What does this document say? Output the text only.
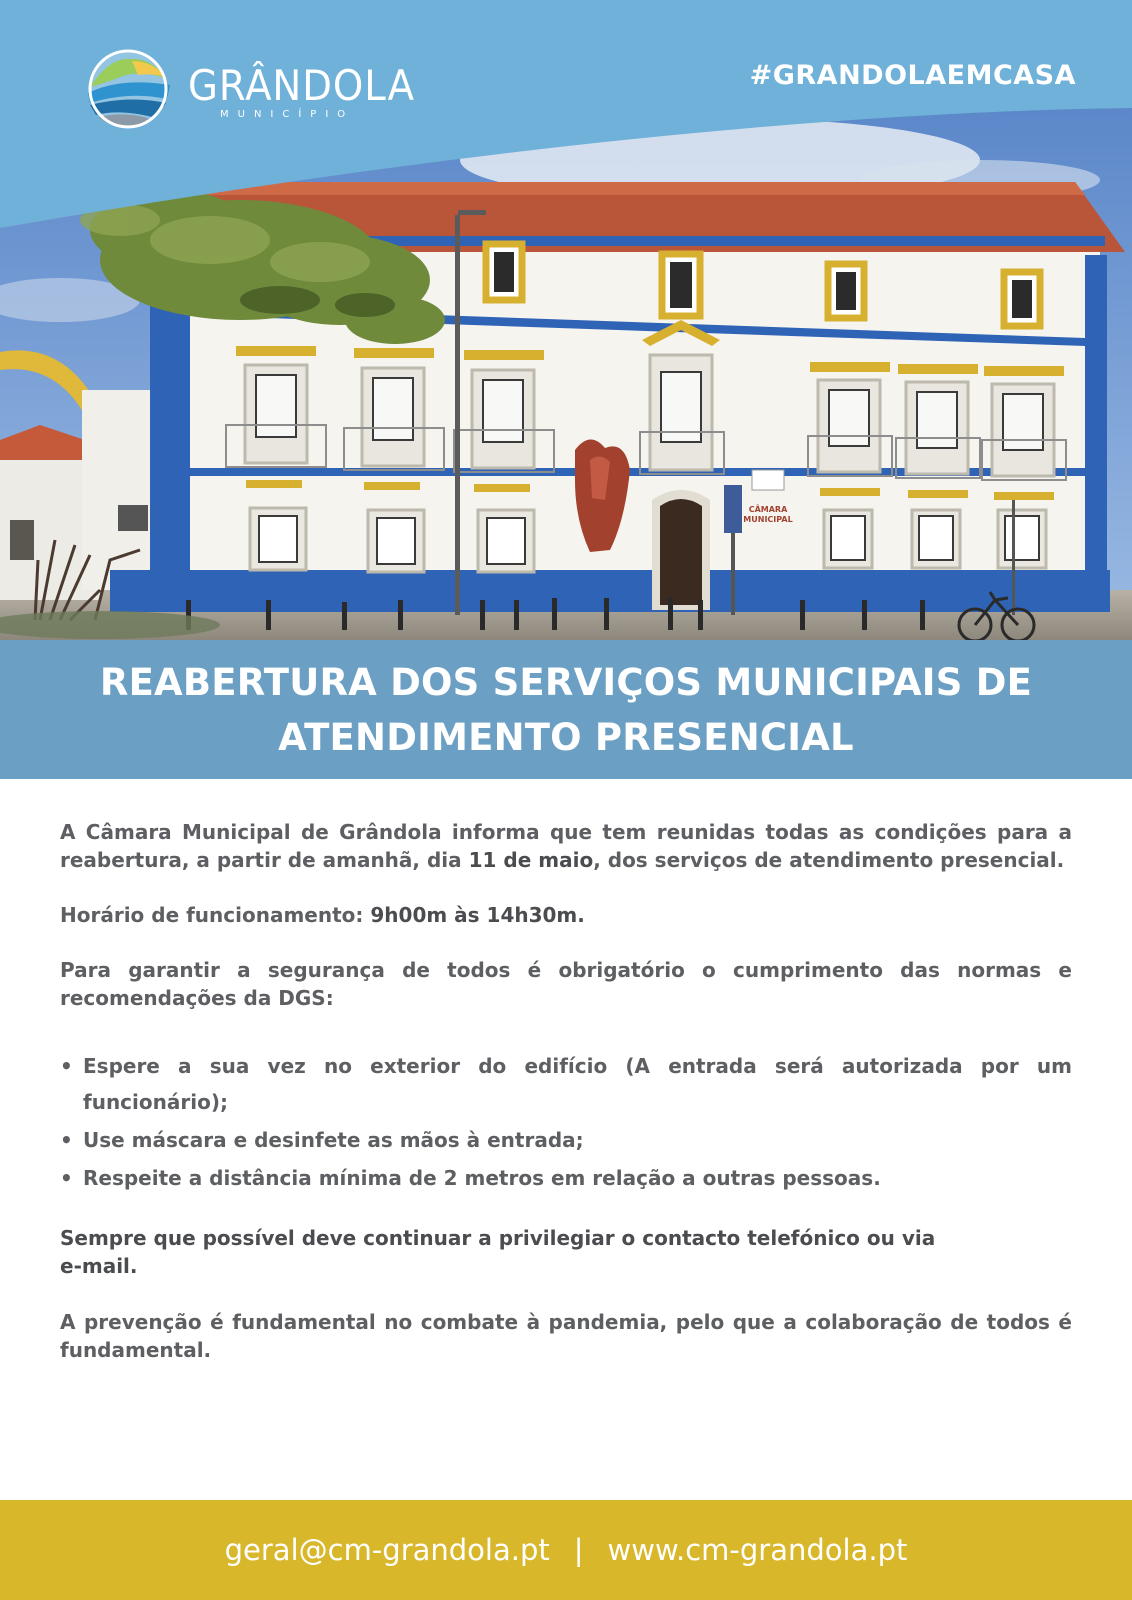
CÂMARA
MUNICIPAL
GRÂNDOLA
MUNICÍPIO
#GRANDOLAEMCASA
REABERTURA DOS SERVIÇOS MUNICIPAIS DE
ATENDIMENTO PRESENCIAL

A Câmara Municipal de Grândola informa que tem reunidas todas as condições para a reabertura, a partir de amanhã, dia 11 de maio, dos serviços de atendimento presencial.

Horário de funcionamento: 9h00m às 14h30m.

Para garantir a segurança de todos é obrigatório o cumprimento das normas e recomendações da DGS:

• Espere a sua vez no exterior do edifício (A entrada será autorizada por um funcionário);
• Use máscara e desinfete as mãos à entrada;
• Respeite a distância mínima de 2 metros em relação a outras pessoas.

Sempre que possível deve continuar a privilegiar o contacto telefónico ou via
e-mail.

A prevenção é fundamental no combate à pandemia, pelo que a colaboração de todos é fundamental.

geral@cm-grandola.pt | www.cm-grandola.pt
